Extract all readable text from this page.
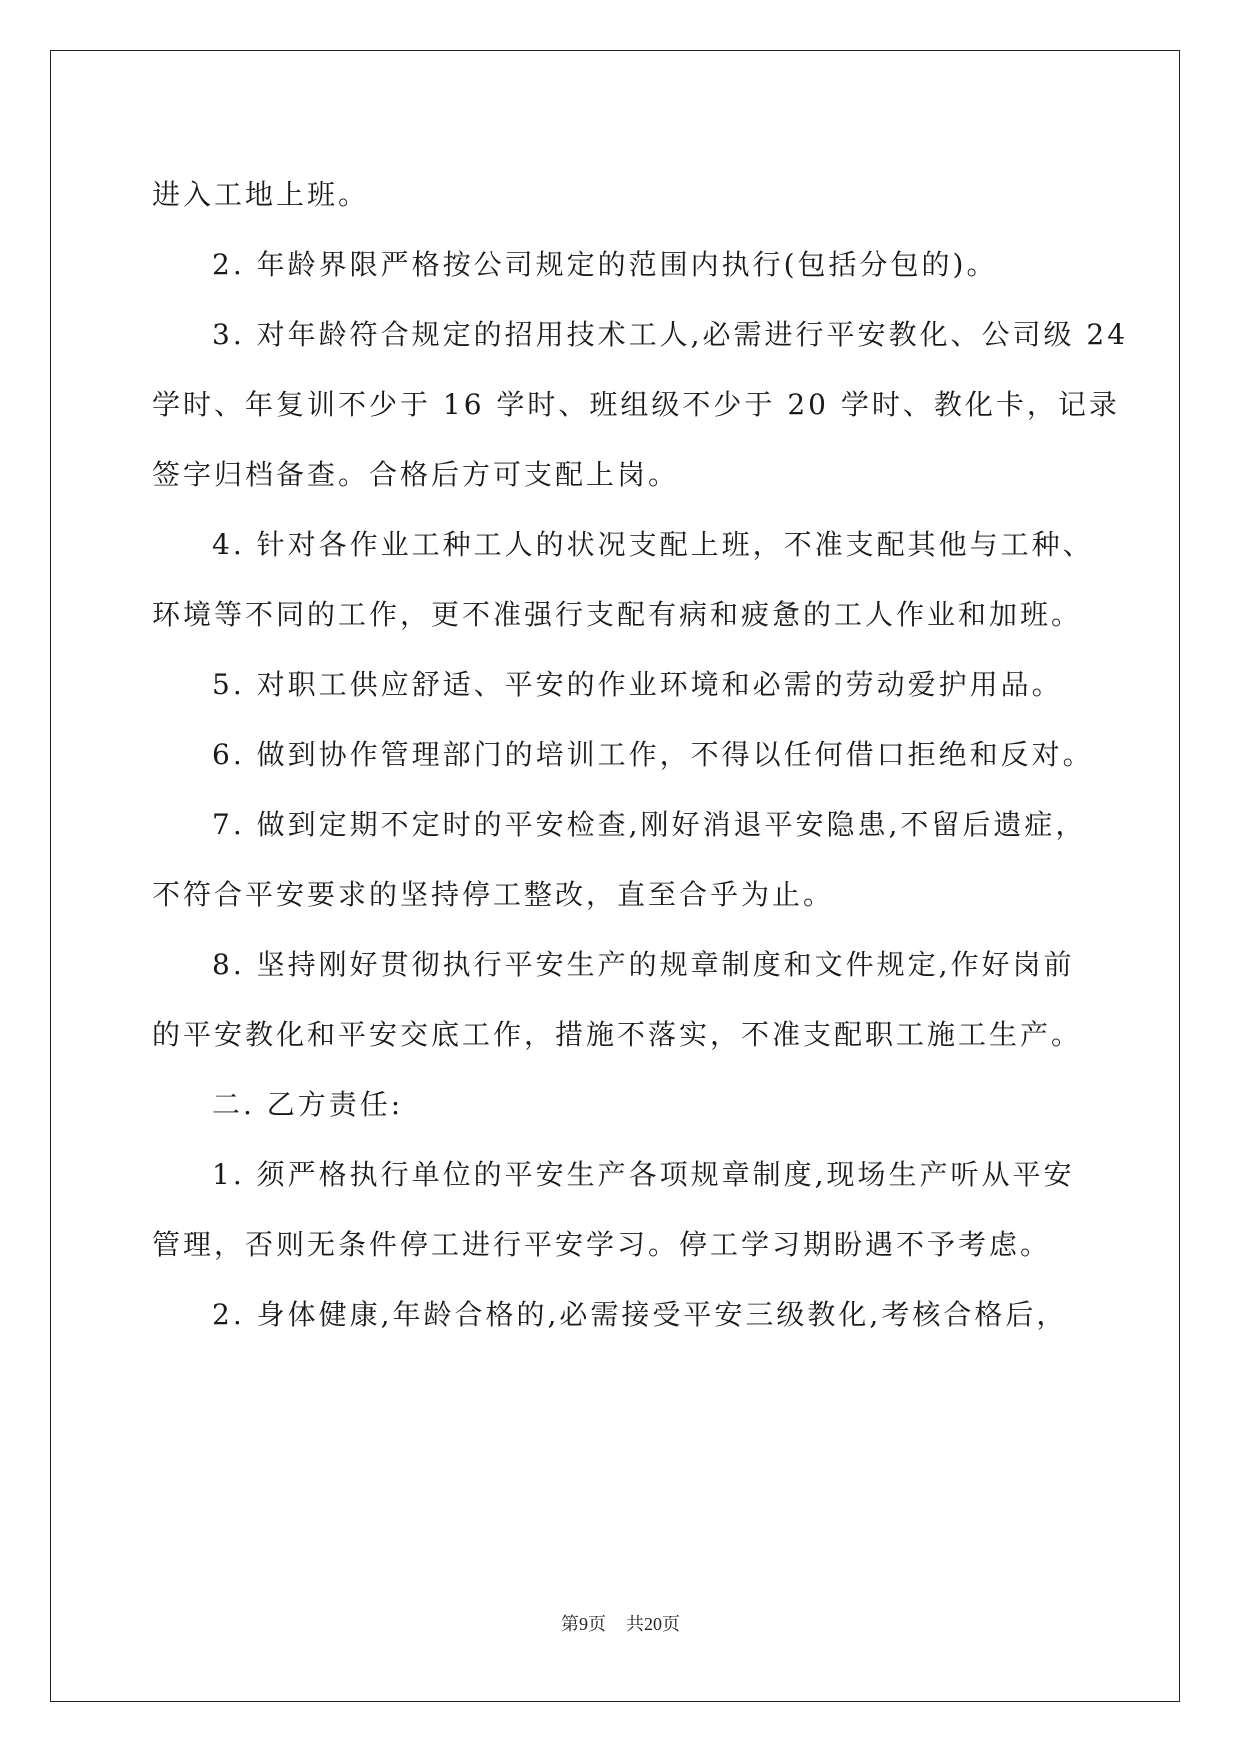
进入工地上班。
2. 年龄界限严格按公司规定的范围内执行(包括分包的)。
3. 对年龄符合规定的招用技术工人,必需进行平安教化、公司级 24
学时、年复训不少于 16 学时、班组级不少于 20 学时、教化卡，记录
签字归档备查。合格后方可支配上岗。
4. 针对各作业工种工人的状况支配上班，不准支配其他与工种、
环境等不同的工作，更不准强行支配有病和疲惫的工人作业和加班。
5. 对职工供应舒适、平安的作业环境和必需的劳动爱护用品。
6. 做到协作管理部门的培训工作，不得以任何借口拒绝和反对。
7. 做到定期不定时的平安检查,刚好消退平安隐患,不留后遗症，
不符合平安要求的坚持停工整改，直至合乎为止。
8. 坚持刚好贯彻执行平安生产的规章制度和文件规定,作好岗前
的平安教化和平安交底工作，措施不落实，不准支配职工施工生产。
二. 乙方责任:
1. 须严格执行单位的平安生产各项规章制度,现场生产听从平安
管理，否则无条件停工进行平安学习。停工学习期盼遇不予考虑。
2. 身体健康,年龄合格的,必需接受平安三级教化,考核合格后，
第9页 共20页
